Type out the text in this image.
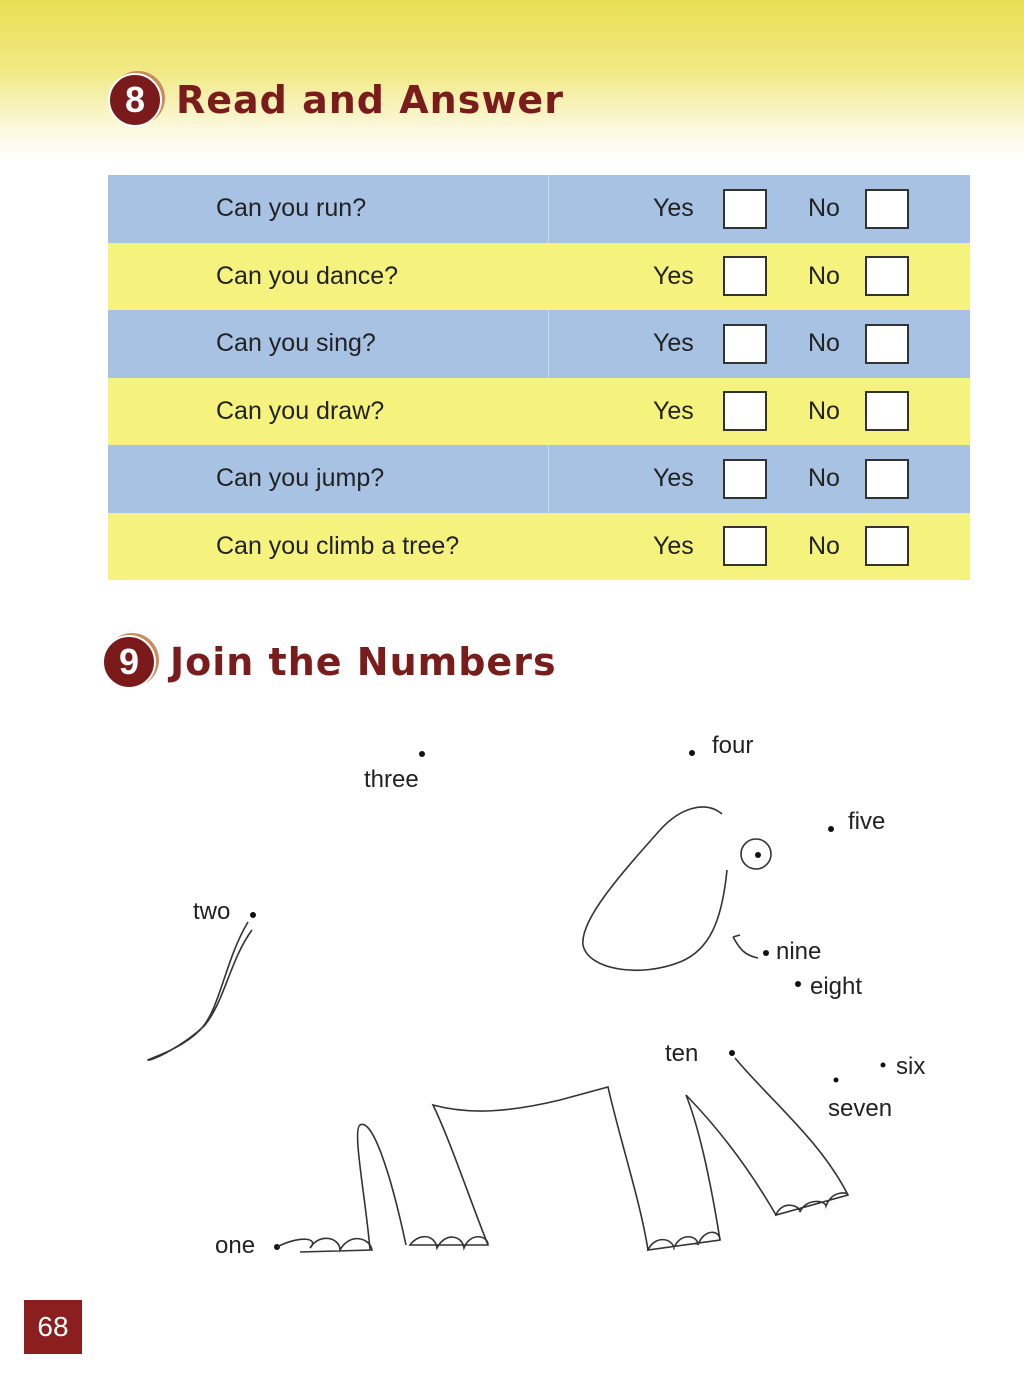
8 Read and Answer
Can you run?	Yes	No
Can you dance?	Yes	No
Can you sing?	Yes	No
Can you draw?	Yes	No
Can you jump?	Yes	No
Can you climb a tree?	Yes	No
9 Join the Numbers
three
four
five
two
nine
eight
ten	six
seven
one
68
